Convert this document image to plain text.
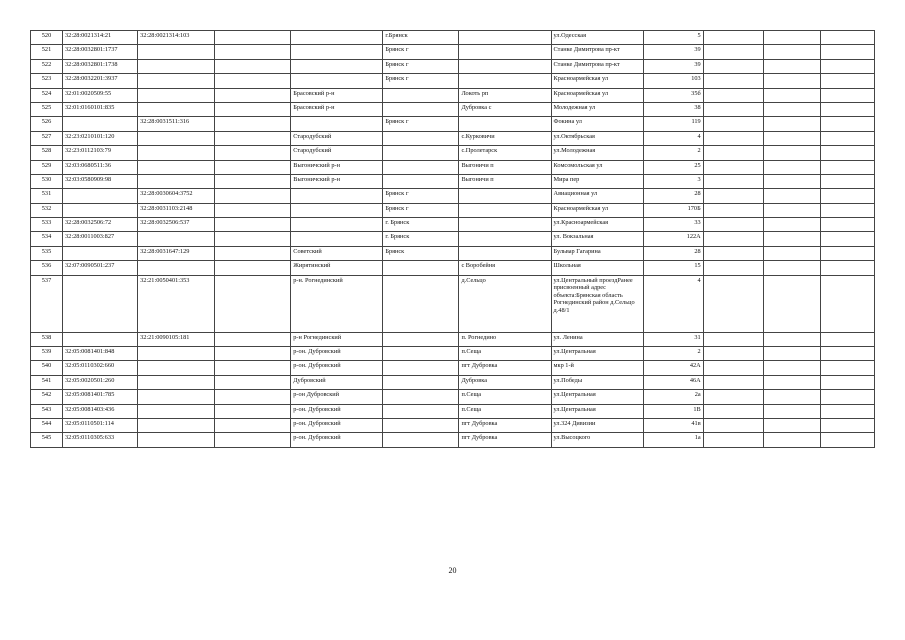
520	32:28:0021314:21	32:28:0021314:103			г.Брянск		ул.Одесская	5			
521	32:28:0032801:1737				Брянск г		Станке Димитрова пр-кт	39			
522	32:28:0032801:1738				Брянск г		Станке Димитрова пр-кт	39			
523	32:28:0032201:3937				Брянск г		Красноармейская ул	103			
524	32:01:0020509:55			Брасовский р-н		Локоть рп	Красноармейская ул	35б			
525	32:01:0160101:835			Брасовский р-н		Дубровка с	Молодежная ул	38			
526		32:28:0031511:316			Брянск г		Фокина ул	119			
527	32:23:0210101:120			Стародубский		с.Курковичи	ул.Октябрьская	4			
528	32:23:0112103:79			Стародубский		с.Пролетарск	ул.Молодежная	2			
529	32:03:0680511:36			Выгоничский р-н		Выгоничи п	Комсомольская ул	25			
530	32:03:0580909:98			Выгоничский р-н		Выгоничи п	Мира пер	3			
531		32:28:0030604:3752			Брянск г		Авиационная ул	28			
532		32:28:0031103:2148			Брянск г		Красноармейская ул	170Б			
533	32:28:0032506:72	32:28:0032506:537			г. Брянск		ул.Красноармейская	33			
534	32:28:0011003:827				г. Брянск		ул. Вокзальная	122А			
535		32:28:0031647:129		Советский	Брянск		Бульвар Гагарина	28			
536	32:07:0090501:237			Жирятинский		с Воробейня	Школьная	15			
537		32:21:0050401:353		р-н. Рогнединский		д.Сельцо	ул.Центральный проездРанее присвоенный адрес объекта:Брянская область Рогнединский район д.Сельцо д.48/1	4			
538		32:21:0090105:181		р-н Рогнединский		п. Рогнедино	ул. Ленина	31			
539	32:05:0081401:848			р-он. Дубровский		п.Сеща	ул.Центральная	2			
540	32:05:0110302:660			р-он. Дубровский		пгт Дубровка	мкр 1-й	42А			
541	32:05:0020501:260			Дубровский		Дубровка	ул.Победы	46А			
542	32:05:0081401:785			р-он Дубровский		п.Сеща	ул.Центральная	2а			
543	32:05:0081403:436			р-он. Дубровский		п.Сеща	ул.Центральная	1В			
544	32:05:0110501:114			р-он. Дубровский		пгт Дубровка	ул.324 Дивизии	41в			
545	32:05:0110305:633			р-он. Дубровский		пгт Дубровка	ул.Высоцкого	1а			
20
